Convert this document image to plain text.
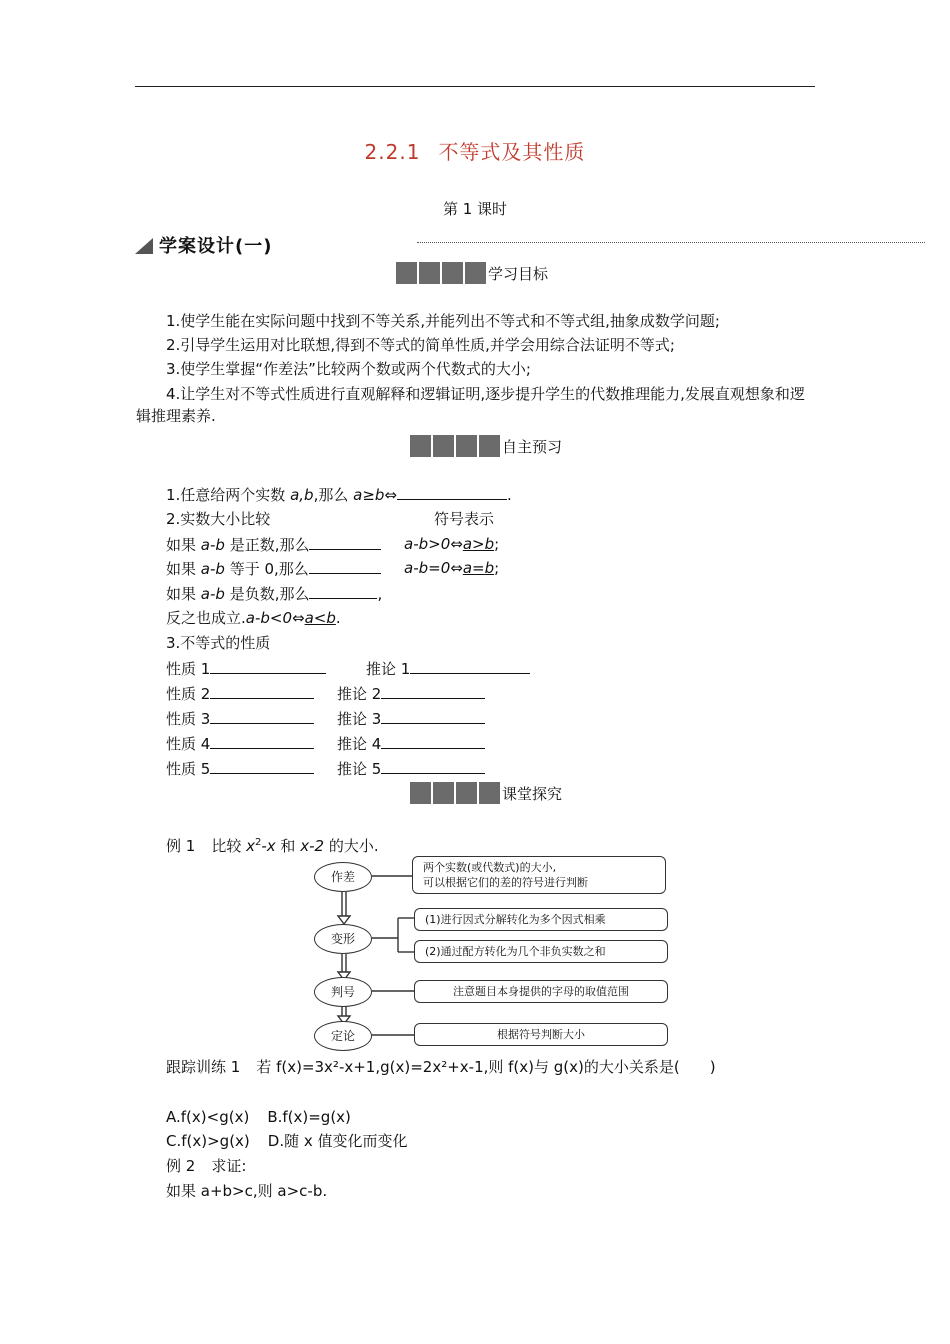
2.2.1 不等式及其性质
第 1 课时
学案设计(一)
学习目标
1.使学生能在实际问题中找到不等关系,并能列出不等式和不等式组,抽象成数学问题;
2.引导学生运用对比联想,得到不等式的简单性质,并学会用综合法证明不等式;
3.使学生掌握“作差法”比较两个数或两个代数式的大小;
4.让学生对不等式性质进行直观解释和逻辑证明,逐步提升学生的代数推理能力,发展直观想象和逻辑推理素养.
自主预习
1.任意给两个实数 a,b,那么 a≥b⇔	.
2.实数大小比较	符号表示
如果 a-b 是正数,那么	a-b>0⇔a>b;
如果 a-b 等于 0,那么	a-b=0⇔a=b;
如果 a-b 是负数,那么	,
反之也成立.a-b<0⇔a<b.
3.不等式的性质
性质 1	推论 1
性质 2	推论 2
性质 3	推论 3
性质 4	推论 4
性质 5	推论 5
课堂探究
例 1 比较 $x^2-x$ 和 x-2 的大小.
作差
变形
判号
定论
两个实数(或代数式)的大小,
可以根据它们的差的符号进行判断
(1)进行因式分解转化为多个因式相乘
(2)通过配方转化为几个非负实数之和
注意题目本身提供的字母的取值范围
根据符号判断大小
跟踪训练 1 若 f(x)=3x²-x+1,g(x)=2x²+x-1,则 f(x)与 g(x)的大小关系是(　　)
A.f(x)<g(x) B.f(x)=g(x)
C.f(x)>g(x) D.随 x 值变化而变化
例 2 求证:
如果 a+b>c,则 a>c-b.
